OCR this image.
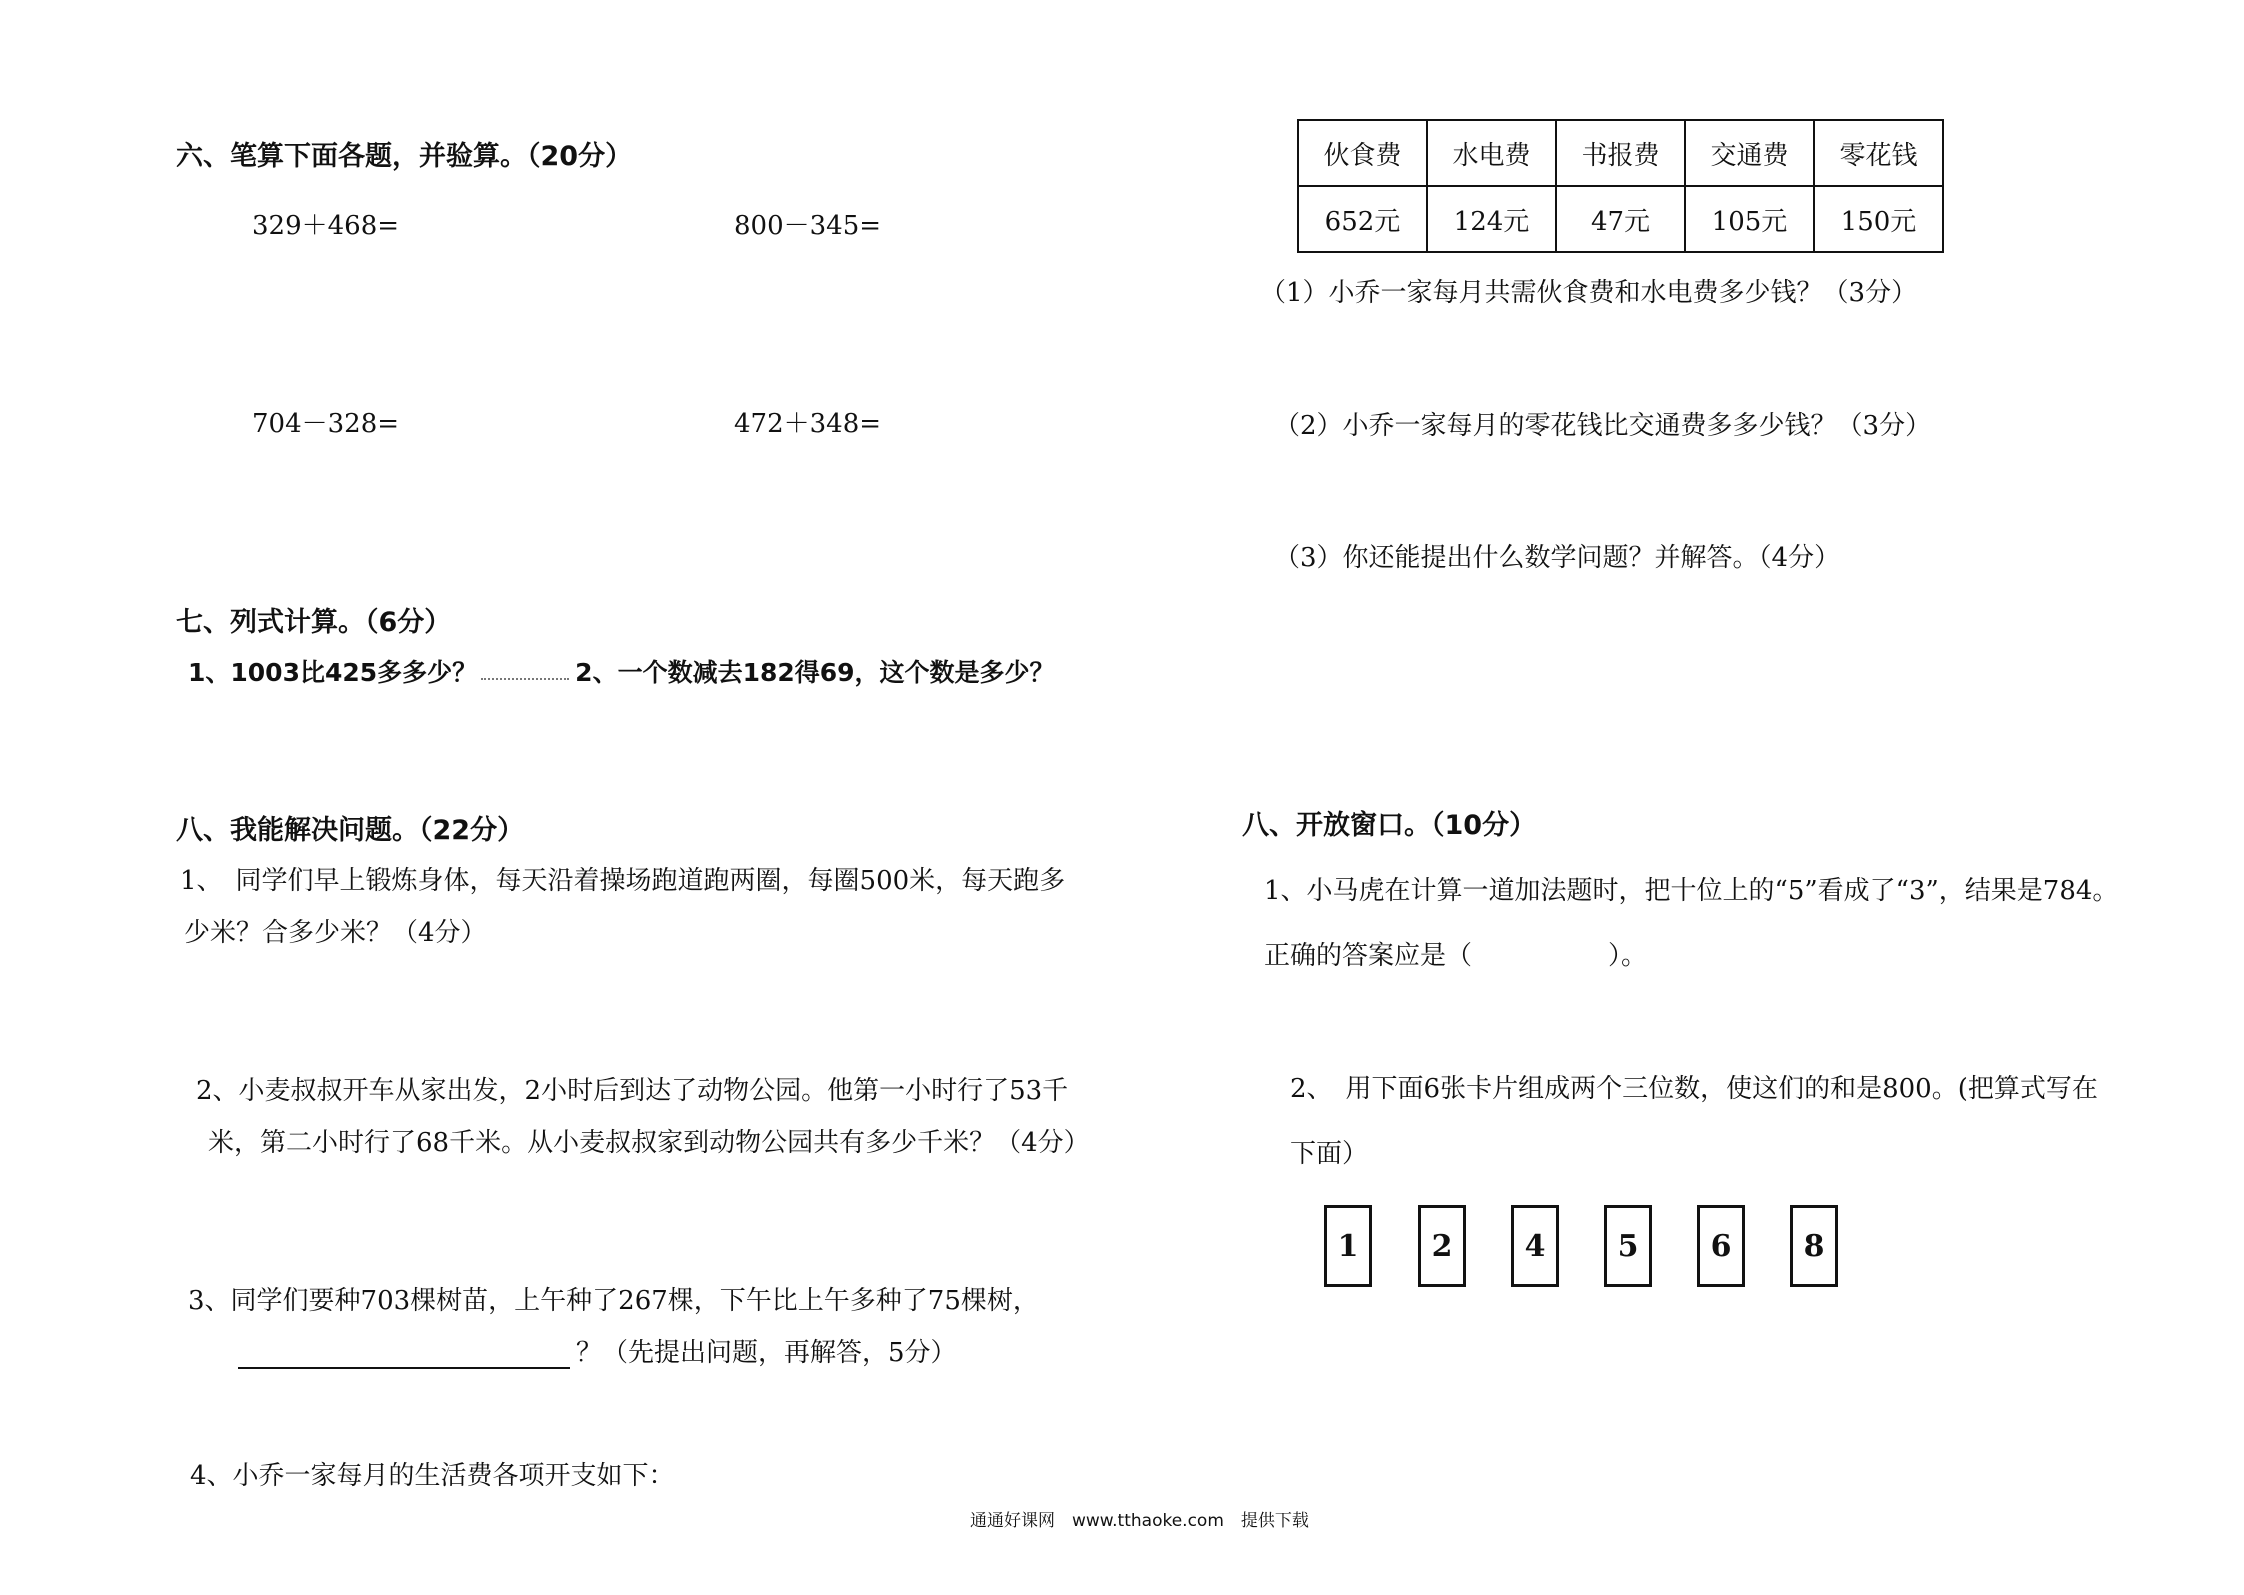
六、笔算下面各题，并验算。（20分）
329＋468=	800－345=
704－328=	472＋348=
七、列式计算。（6分）
1、1003比425多多少？	2、一个数减去182得69，这个数是多少？
八、我能解决问题。（22分）
1、　同学们早上锻炼身体，每天沿着操场跑道跑两圈，每圈500米，每天跑多
少米？合多少米？（4分）
2、小麦叔叔开车从家出发，2小时后到达了动物公园。他第一小时行了53千
米，第二小时行了68千米。从小麦叔叔家到动物公园共有多少千米？（4分）
3、同学们要种703棵树苗，上午种了267棵，下午比上午多种了75棵树，
？（先提出问题，再解答，5分）
4、小乔一家每月的生活费各项开支如下：
伙食费	水电费	书报费	交通费	零花钱
652元	124元	47元	105元	150元
（1）小乔一家每月共需伙食费和水电费多少钱？（3分）
（2）小乔一家每月的零花钱比交通费多多少钱？（3分）
（3）你还能提出什么数学问题？并解答。（4分）
八、开放窗口。（10分）
1、小马虎在计算一道加法题时，把十位上的“5”看成了“3”，结果是784。
正确的答案应是（	）。
2、　用下面6张卡片组成两个三位数，使这们的和是800。(把算式写在
下面）
1	2	4	5	6	8
通通好课网　www.tthaoke.com　提供下载
